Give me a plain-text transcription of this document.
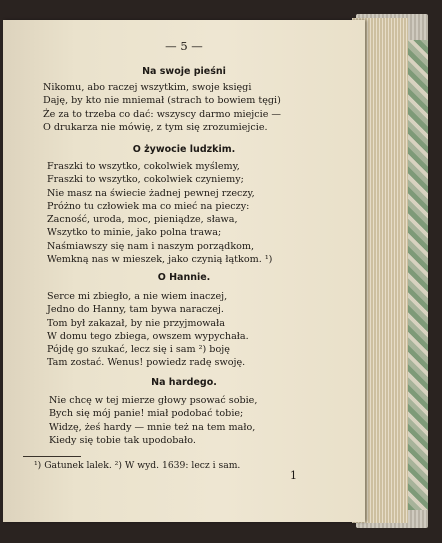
— 5 —
Na swoje pieśni
Nikomu, abo raczej wszytkim, swoje księgi
Daję, by kto nie mniemał (strach to bowiem tęgi)
Że za to trzeba co dać: wszyscy darmo miejcie —
O drukarza nie mówię, z tym się zrozumiejcie.
O żywocie ludzkim.
Fraszki to wszytko, cokolwiek myślemy,
Fraszki to wszytko, cokolwiek czyniemy;
Nie masz na świecie żadnej pewnej rzeczy,
Próżno tu człowiek ma co mieć na pieczy:
Zacność, uroda, moc, pieniądze, sława,
Wszytko to minie, jako polna trawa;
Naśmiawszy się nam i naszym porządkom,
Wemkną nas w mieszek, jako czynią łątkom. ¹)
O Hannie.
Serce mi zbiegło, a nie wiem inaczej,
Jedno do Hanny, tam bywa naraczej.
Tom był zakazał, by nie przyjmowała
W domu tego zbiega, owszem wypychała.
Pójdę go szukać, lecz się i sam ²) boję
Tam zostać. Wenus! powiedz radę swoję.
Na hardego.
Nie chcę w tej mierze głowy psować sobie,
Bych się mój panie! miał podobać tobie;
Widzę, żeś hardy — mnie też na tem mało,
Kiedy się tobie tak upodobało.
¹) Gatunek lalek. ²) W wyd. 1639: lecz i sam.
1
